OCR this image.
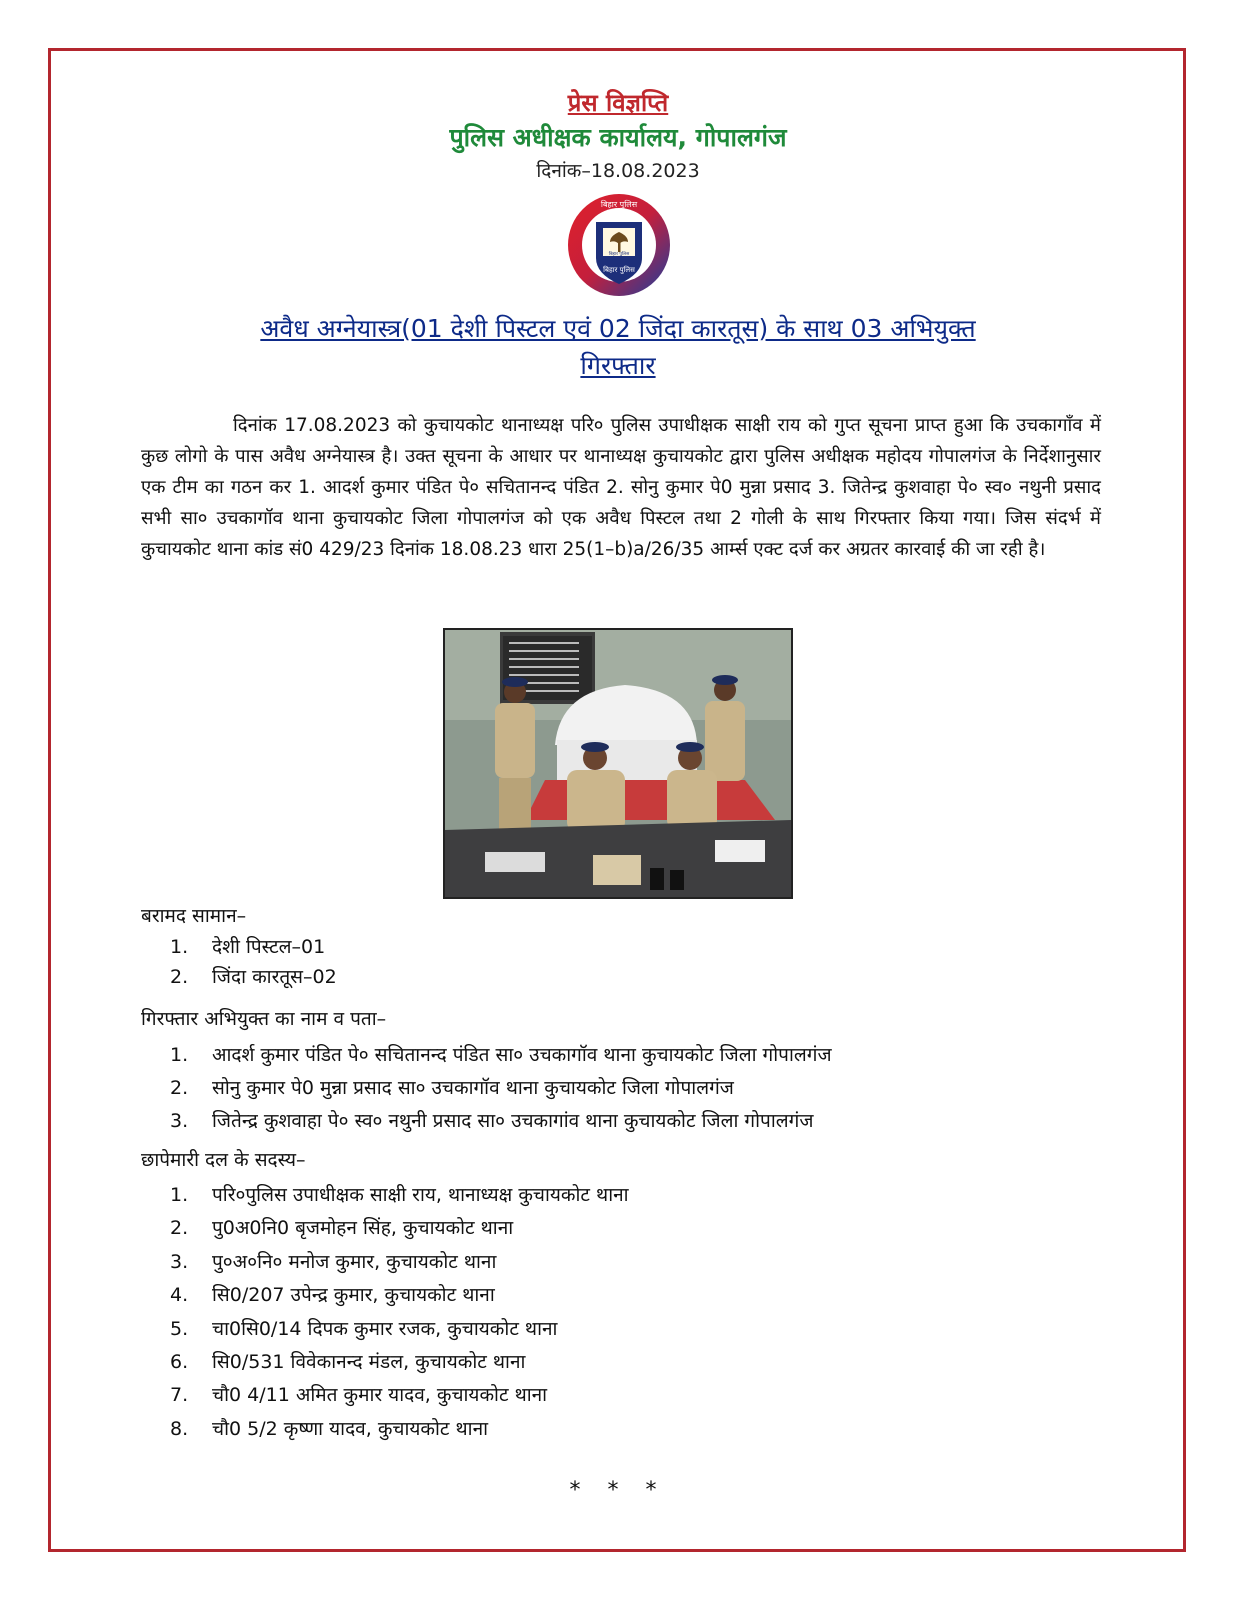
प्रेस विज्ञप्ति
पुलिस अधीक्षक कार्यालय, गोपालगंज
दिनांक–18.08.2023
बिहार पुलिस
बिहार पुलिस
बिहार पुलिस
अवैध अग्नेयास्त्र(01 देशी पिस्टल एवं 02 जिंदा कारतूस) के साथ 03 अभियुक्त
गिरफ्तार
दिनांक 17.08.2023 को कुचायकोट थानाध्यक्ष परि० पुलिस उपाधीक्षक साक्षी राय को गुप्त सूचना प्राप्त हुआ कि उचकागाँव में कुछ लोगो के पास अवैध अग्नेयास्त्र है। उक्त सूचना के आधार पर थानाध्यक्ष कुचायकोट द्वारा पुलिस अधीक्षक महोदय गोपालगंज के निर्देशानुसार एक टीम का गठन कर 1. आदर्श कुमार पंडित पे० सचितानन्द पंडित 2. सोनु कुमार पे0 मुन्ना प्रसाद 3. जितेन्द्र कुशवाहा पे० स्व० नथुनी प्रसाद सभी सा० उचकागॉव थाना कुचायकोट जिला गोपालगंज को एक अवैध पिस्टल तथा 2 गोली के साथ गिरफ्तार किया गया। जिस संदर्भ में कुचायकोट थाना कांड सं0 429/23 दिनांक 18.08.23 धारा 25(1–b)a/26/35 आर्म्स एक्ट दर्ज कर अग्रतर कारवाई की जा रही है।
बरामद सामान–
1. देशी पिस्टल–01
2. जिंदा कारतूस–02
गिरफ्तार अभियुक्त का नाम व पता–
1. आदर्श कुमार पंडित पे० सचितानन्द पंडित सा० उचकागॉव थाना कुचायकोट जिला गोपालगंज
2. सोनु कुमार पे0 मुन्ना प्रसाद सा० उचकागॉव थाना कुचायकोट जिला गोपालगंज
3. जितेन्द्र कुशवाहा पे० स्व० नथुनी प्रसाद सा० उचकागांव थाना कुचायकोट जिला गोपालगंज
छापेमारी दल के सदस्य–
1. परि०पुलिस उपाधीक्षक साक्षी राय, थानाध्यक्ष कुचायकोट थाना
2. पु0अ0नि0 बृजमोहन सिंह, कुचायकोट थाना
3. पु०अ०नि० मनोज कुमार, कुचायकोट थाना
4. सि0/207 उपेन्द्र कुमार, कुचायकोट थाना
5. चा0सि0/14 दिपक कुमार रजक, कुचायकोट थाना
6. सि0/531 विवेकानन्द मंडल, कुचायकोट थाना
7. चौ0 4/11 अमित कुमार यादव, कुचायकोट थाना
8. चौ0 5/2 कृष्णा यादव, कुचायकोट थाना
* * *
